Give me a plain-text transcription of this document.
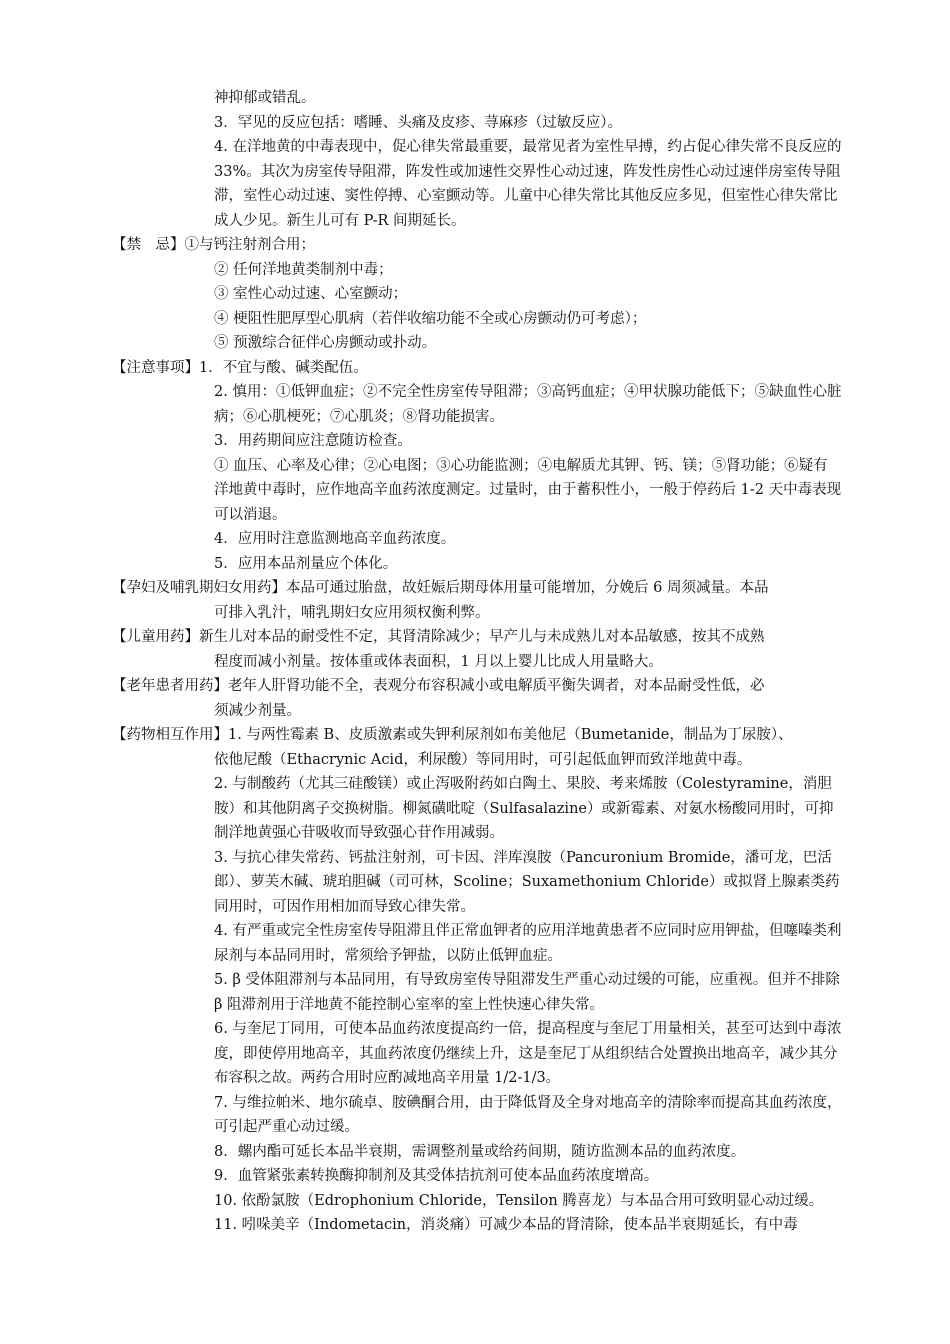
神抑郁或错乱。
3．罕见的反应包括：嗜睡、头痛及皮疹、荨麻疹（过敏反应）。
4. 在洋地黄的中毒表现中，促心律失常最重要，最常见者为室性早搏，约占促心律失常不良反应的 33%。其次为房室传导阻滞，阵发性或加速性交界性心动过速，阵发性房性心动过速伴房室传导阻滞，室性心动过速、窦性停搏、心室颤动等。儿童中心律失常比其他反应多见，但室性心律失常比成人少见。新生儿可有 P-R 间期延长。
【禁　忌】①与钙注射剂合用；
② 任何洋地黄类制剂中毒；
③ 室性心动过速、心室颤动；
④ 梗阻性肥厚型心肌病（若伴收缩功能不全或心房颤动仍可考虑）；
⑤ 预激综合征伴心房颤动或扑动。
【注意事项】1．不宜与酸、碱类配伍。
2. 慎用：①低钾血症；②不完全性房室传导阻滞；③高钙血症；④甲状腺功能低下；⑤缺血性心脏病；⑥心肌梗死；⑦心肌炎；⑧肾功能损害。
3．用药期间应注意随访检查。
① 血压、心率及心律；②心电图；③心功能监测；④电解质尤其钾、钙、镁；⑤肾功能；⑥疑有洋地黄中毒时，应作地高辛血药浓度测定。过量时，由于蓄积性小，一般于停药后 1-2 天中毒表现可以消退。
4．应用时注意监测地高辛血药浓度。
5．应用本品剂量应个体化。
【孕妇及哺乳期妇女用药】本品可通过胎盘，故妊娠后期母体用量可能增加，分娩后 6 周须减量。本品
可排入乳汁，哺乳期妇女应用须权衡利弊。
【儿童用药】新生儿对本品的耐受性不定，其肾清除减少；早产儿与未成熟儿对本品敏感，按其不成熟
程度而减小剂量。按体重或体表面积，1 月以上婴儿比成人用量略大。
【老年患者用药】老年人肝肾功能不全，表观分布容积减小或电解质平衡失调者，对本品耐受性低，必
须减少剂量。
【药物相互作用】1. 与两性霉素 B、皮质激素或失钾利尿剂如布美他尼（Bumetanide，制品为丁尿胺）、
依他尼酸（Ethacrynic Acid，利尿酸）等同用时，可引起低血钾而致洋地黄中毒。
2. 与制酸药（尤其三硅酸镁）或止泻吸附药如白陶土、果胶、考来烯胺（Colestyramine，消胆胺）和其他阴离子交换树脂。柳氮磺吡啶（Sulfasalazine）或新霉素、对氨水杨酸同用时，可抑制洋地黄强心苷吸收而导致强心苷作用减弱。
3. 与抗心律失常药、钙盐注射剂，可卡因、泮库溴胺（Pancuronium Bromide，潘可龙，巴活郎）、萝芙木碱、琥珀胆碱（司可林，Scoline；Suxamethonium Chloride）或拟肾上腺素类药同用时，可因作用相加而导致心律失常。
4. 有严重或完全性房室传导阻滞且伴正常血钾者的应用洋地黄患者不应同时应用钾盐，但噻嗪类利尿剂与本品同用时，常须给予钾盐，以防止低钾血症。
5. β 受体阻滞剂与本品同用，有导致房室传导阻滞发生严重心动过缓的可能，应重视。但并不排除 β 阻滞剂用于洋地黄不能控制心室率的室上性快速心律失常。
6. 与奎尼丁同用，可使本品血药浓度提高约一倍，提高程度与奎尼丁用量相关，甚至可达到中毒浓度，即使停用地高辛，其血药浓度仍继续上升，这是奎尼丁从组织结合处置换出地高辛，减少其分布容积之故。两药合用时应酌减地高辛用量 1/2-1/3。
7. 与维拉帕米、地尔硫卓、胺碘酮合用，由于降低肾及全身对地高辛的清除率而提高其血药浓度，可引起严重心动过缓。
8．螺内酯可延长本品半衰期，需调整剂量或给药间期，随访监测本品的血药浓度。
9．血管紧张素转换酶抑制剂及其受体拮抗剂可使本品血药浓度增高。
10. 依酚氯胺（Edrophonium Chloride，Tensilon 腾喜龙）与本品合用可致明显心动过缓。
11. 吲哚美辛（Indometacin，消炎痛）可减少本品的肾清除，使本品半衰期延长，有中毒
